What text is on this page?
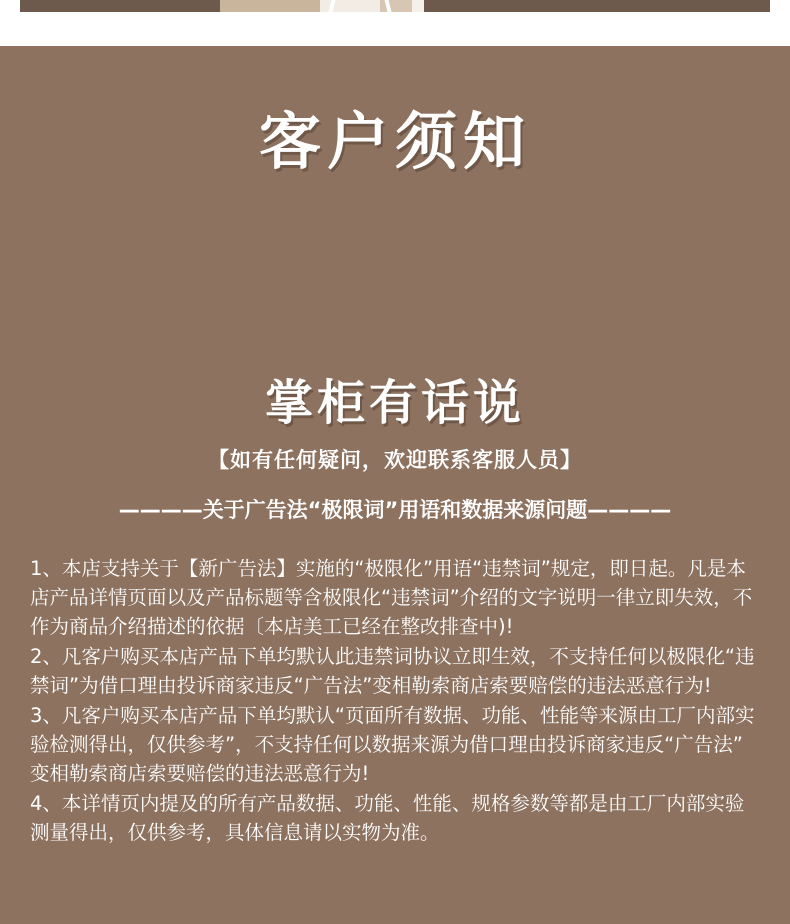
客户须知
掌柜有话说
【如有任何疑问，欢迎联系客服人员】
————关于广告法“极限词”用语和数据来源问题————

1、本店支持关于【新广告法】实施的“极限化”用语“违禁词”规定，即日起。凡是本店产品详情页面以及产品标题等含极限化“违禁词”介绍的文字说明一律立即失效，不作为商品介绍描述的依据〔本店美工已经在整改排查中)!

2、凡客户购买本店产品下单均默认此违禁词协议立即生效，不支持任何以极限化“违禁词”为借口理由投诉商家违反“广告法”变相勒索商店索要赔偿的违法恶意行为!

3、凡客户购买本店产品下单均默认“页面所有数据、功能、性能等来源由工厂内部实验检测得出，仅供参考”，不支持任何以数据来源为借口理由投诉商家违反“广告法”变相勒索商店索要赔偿的违法恶意行为!

4、本详情页内提及的所有产品数据、功能、性能、规格参数等都是由工厂内部实验测量得出，仅供参考，具体信息请以实物为准。
